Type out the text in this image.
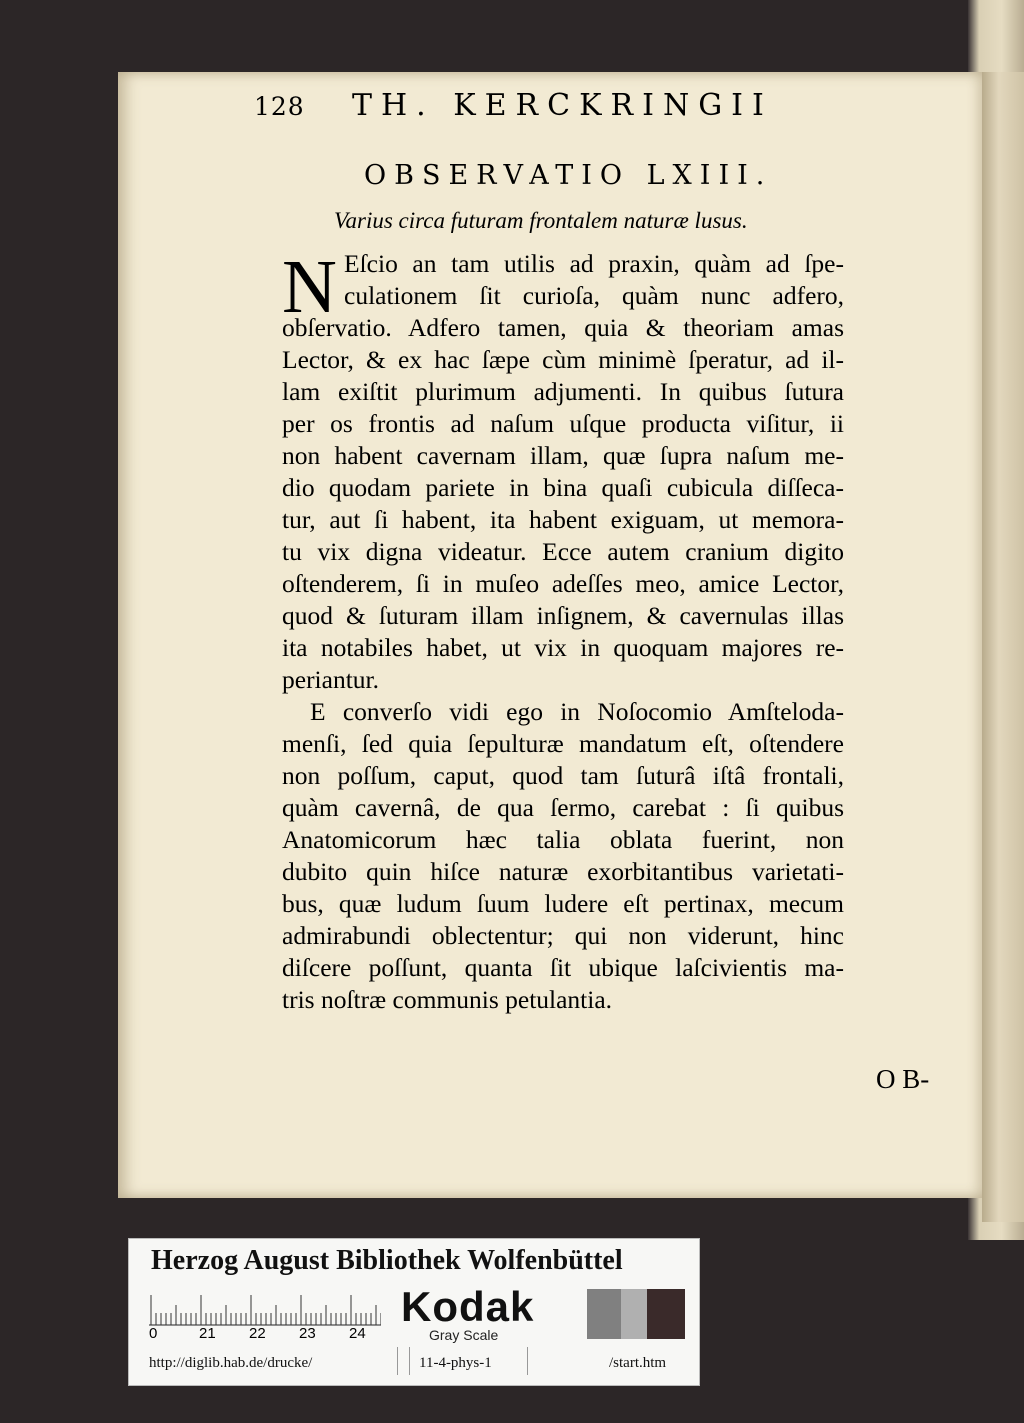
128 TH. KERCKRINGII
OBSERVATIO LXIII.
Varius circa futuram frontalem naturæ lusus.
N Eſcio an tam utilis ad praxin, quàm ad ſpe-
culationem ſit curioſa, quàm nunc adfero,
obſervatio. Adfero tamen, quia & theoriam amas
Lector, & ex hac ſæpe cùm minimè ſperatur, ad il-
lam exiſtit plurimum adjumenti. In quibus ſutura
per os frontis ad naſum uſque producta viſitur, ii
non habent cavernam illam, quæ ſupra naſum me-
dio quodam pariete in bina quaſi cubicula diſſeca-
tur, aut ſi habent, ita habent exiguam, ut memora-
tu vix digna videatur. Ecce autem cranium digito
oſtenderem, ſi in muſeo adeſſes meo, amice Lector,
quod & ſuturam illam inſignem, & cavernulas illas
ita notabiles habet, ut vix in quoquam majores re-
periantur.
E converſo vidi ego in Noſocomio Amſteloda-
menſi, ſed quia ſepulturæ mandatum eſt, oſtendere
non poſſum, caput, quod tam ſuturâ iſtâ frontali,
quàm cavernâ, de qua ſermo, carebat : ſi quibus
Anatomicorum hæc talia oblata fuerint, non
dubito quin hiſce naturæ exorbitantibus varietati-
bus, quæ ludum ſuum ludere eſt pertinax, mecum
admirabundi oblectentur; qui non viderunt, hinc
diſcere poſſunt, quanta ſit ubique laſcivientis ma-
tris noſtræ communis petulantia.
O B-
Herzog August Bibliothek Wolfenbüttel
0	21 22 23 24
Kodak
Gray Scale
http://diglib.hab.de/drucke/	11-4-phys-1	/start.htm
